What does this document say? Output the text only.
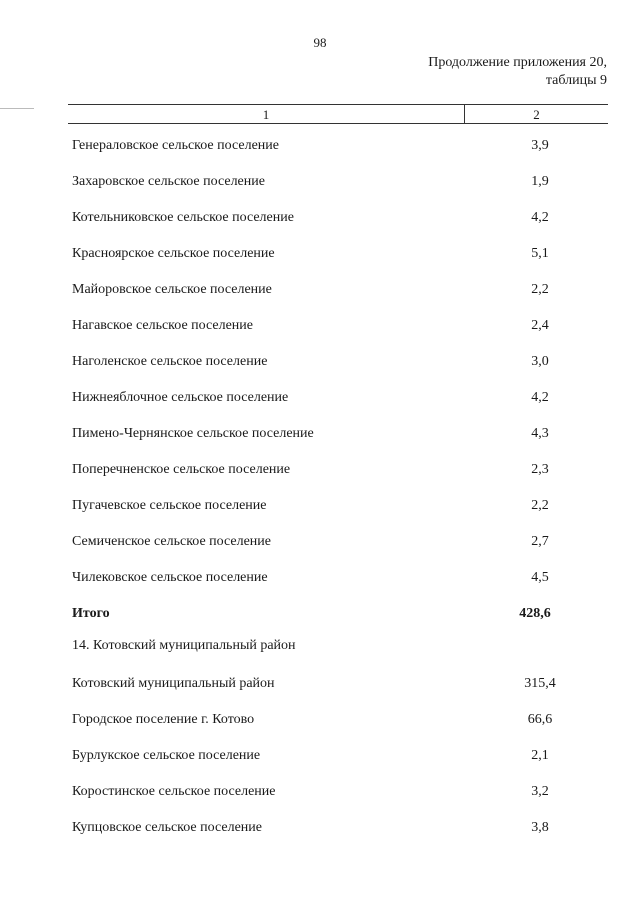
98
Продолжение приложения 20,
таблицы 9
1	2
Генераловское сельское поселение	3,9
Захаровское сельское поселение	1,9
Котельниковское сельское поселение	4,2
Красноярское сельское поселение	5,1
Майоровское сельское поселение	2,2
Нагавское сельское поселение	2,4
Наголенское сельское поселение	3,0
Нижнеяблочное сельское поселение	4,2
Пимено-Чернянское сельское поселение	4,3
Поперечненское сельское поселение	2,3
Пугачевское сельское поселение	2,2
Семиченское сельское поселение	2,7
Чилековское сельское поселение	4,5
Итого	428,6
14. Котовский муниципальный район
Котовский муниципальный район	315,4
Городское поселение г. Котово	66,6
Бурлукское сельское поселение	2,1
Коростинское сельское поселение	3,2
Купцовское сельское поселение	3,8
